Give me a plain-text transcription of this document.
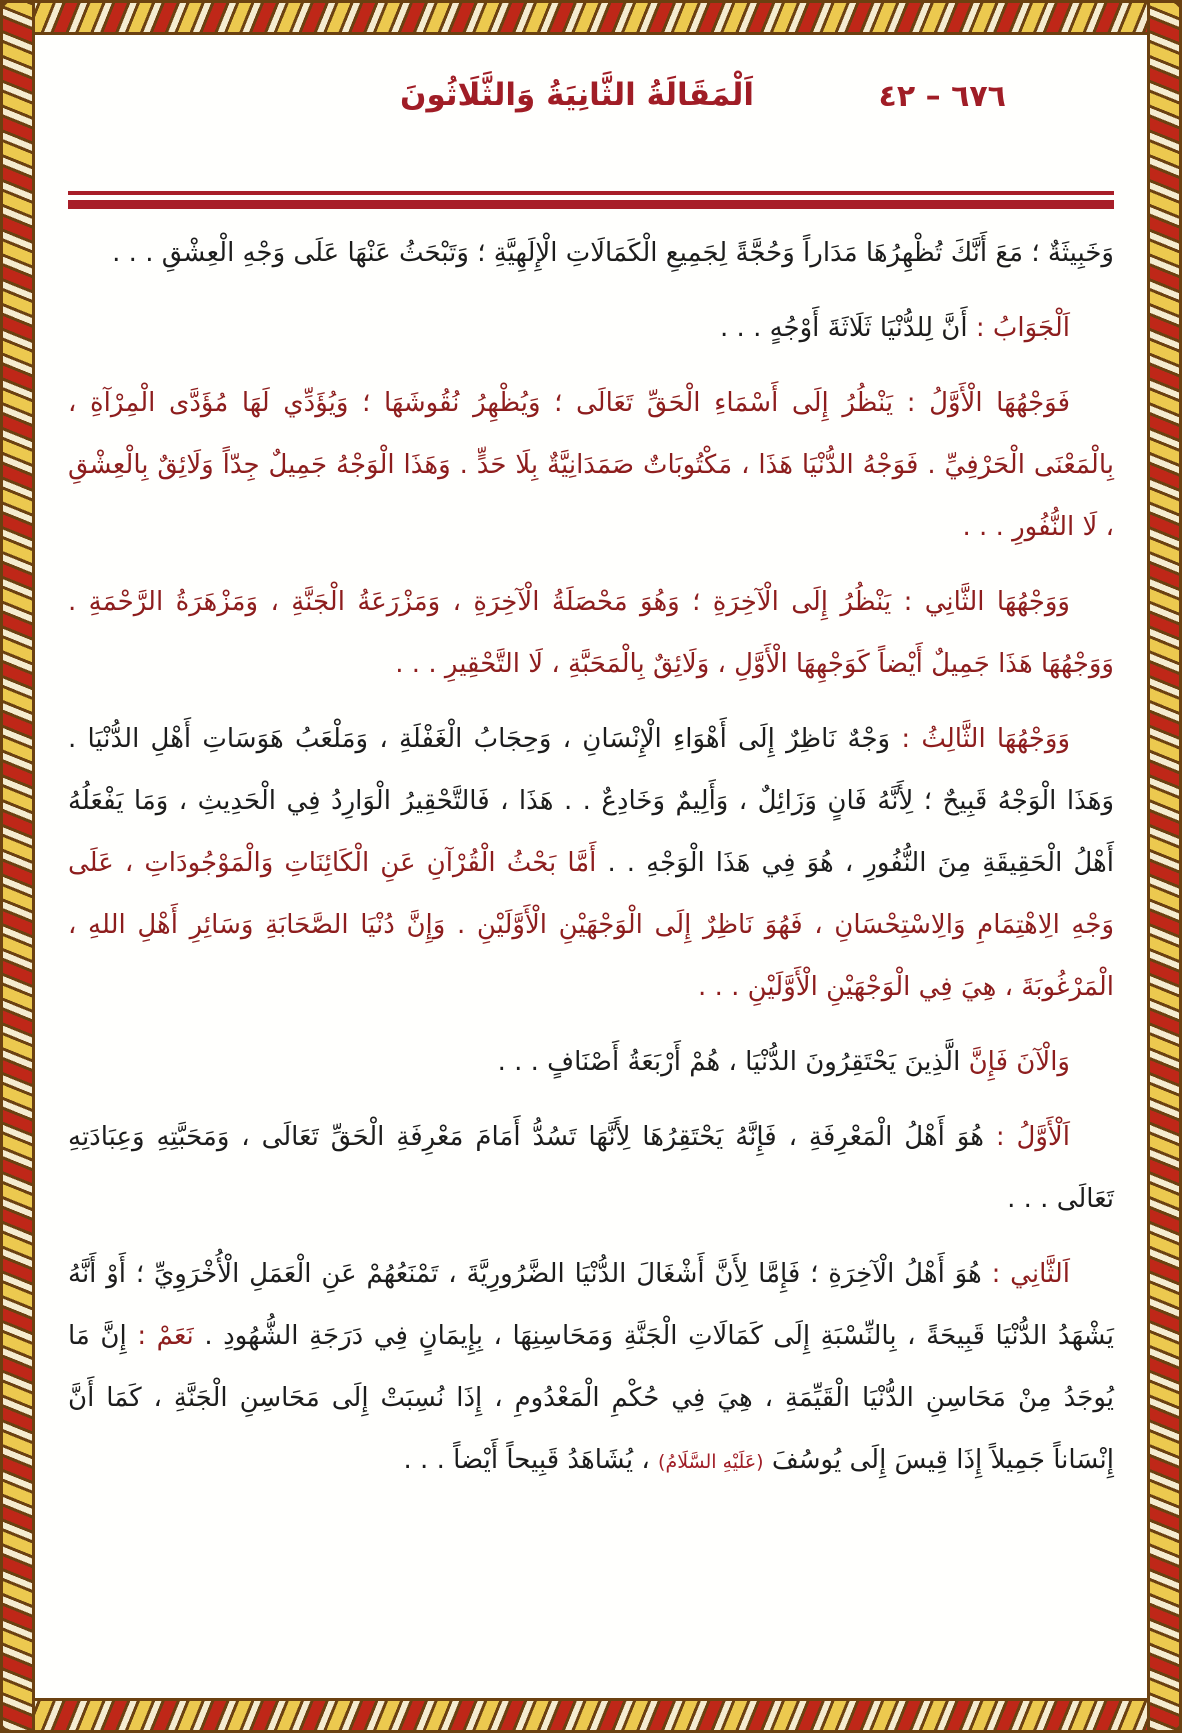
٦٧٦ – ٤٢
اَلْمَقَالَةُ الثَّانِيَةُ وَالثَّلَاثُونَ

وَخَبِيثَةٌ ؛ مَعَ أَنَّكَ تُظْهِرُهَا مَدَاراً وَحُجَّةً لِجَمِيعِ الْكَمَالَاتِ الْإِلَهِيَّةِ ؛ وَتَبْحَثُ عَنْهَا عَلَى وَجْهِ الْعِشْقِ . . .

اَلْجَوَابُ : أَنَّ لِلدُّنْيَا ثَلَاثَةَ أَوْجُهٍ . . .

فَوَجْهُهَا الْأَوَّلُ : يَنْظُرُ إِلَى أَسْمَاءِ الْحَقِّ تَعَالَى ؛ وَيُظْهِرُ نُقُوشَهَا ؛ وَيُؤَدِّي لَهَا مُؤَدَّى الْمِرْآةِ ، بِالْمَعْنَى الْحَرْفِيِّ . فَوَجْهُ الدُّنْيَا هَذَا ، مَكْتُوبَاتٌ صَمَدَانِيَّةٌ بِلَا حَدٍّ . وَهَذَا الْوَجْهُ جَمِيلٌ جِدّاً وَلَائِقٌ بِالْعِشْقِ ، لَا النُّفُورِ . . .

وَوَجْهُهَا الثَّانِي : يَنْظُرُ إِلَى الْآخِرَةِ ؛ وَهُوَ مَحْصَلَةُ الْآخِرَةِ ، وَمَزْرَعَةُ الْجَنَّةِ ، وَمَزْهَرَةُ الرَّحْمَةِ . وَوَجْهُهَا هَذَا جَمِيلٌ أَيْضاً كَوَجْهِهَا الْأَوَّلِ ، وَلَائِقٌ بِالْمَحَبَّةِ ، لَا التَّحْقِيرِ . . .

وَوَجْهُهَا الثَّالِثُ : وَجْهٌ نَاظِرٌ إِلَى أَهْوَاءِ الْإِنْسَانِ ، وَحِجَابُ الْغَفْلَةِ ، وَمَلْعَبُ هَوَسَاتِ أَهْلِ الدُّنْيَا . وَهَذَا الْوَجْهُ قَبِيحٌ ؛ لِأَنَّهُ فَانٍ وَزَائِلٌ ، وَأَلِيمٌ وَخَادِعٌ . . هَذَا ، فَالتَّحْقِيرُ الْوَارِدُ فِي الْحَدِيثِ ، وَمَا يَفْعَلُهُ أَهْلُ الْحَقِيقَةِ مِنَ النُّفُورِ ، هُوَ فِي هَذَا الْوَجْهِ . . أَمَّا بَحْثُ الْقُرْآنِ عَنِ الْكَائِنَاتِ وَالْمَوْجُودَاتِ ، عَلَى وَجْهِ الِاهْتِمَامِ وَالِاسْتِحْسَانِ ، فَهُوَ نَاظِرٌ إِلَى الْوَجْهَيْنِ الْأَوَّلَيْنِ . وَإِنَّ دُنْيَا الصَّحَابَةِ وَسَائِرِ أَهْلِ اللهِ ، الْمَرْغُوبَةَ ، هِيَ فِي الْوَجْهَيْنِ الْأَوَّلَيْنِ . . .

وَالْآنَ فَإِنَّ الَّذِينَ يَحْتَقِرُونَ الدُّنْيَا ، هُمْ أَرْبَعَةُ أَصْنَافٍ . . .

اَلْأَوَّلُ : هُوَ أَهْلُ الْمَعْرِفَةِ ، فَإِنَّهُ يَحْتَقِرُهَا لِأَنَّهَا تَسُدُّ أَمَامَ مَعْرِفَةِ الْحَقِّ تَعَالَى ، وَمَحَبَّتِهِ وَعِبَادَتِهِ تَعَالَى . . .

اَلثَّانِي : هُوَ أَهْلُ الْآخِرَةِ ؛ فَإِمَّا لِأَنَّ أَشْغَالَ الدُّنْيَا الضَّرُورِيَّةَ ، تَمْنَعُهُمْ عَنِ الْعَمَلِ الْأُخْرَوِيِّ ؛ أَوْ أَنَّهُ يَشْهَدُ الدُّنْيَا قَبِيحَةً ، بِالنِّسْبَةِ إِلَى كَمَالَاتِ الْجَنَّةِ وَمَحَاسِنِهَا ، بِإِيمَانٍ فِي دَرَجَةِ الشُّهُودِ . نَعَمْ : إِنَّ مَا يُوجَدُ مِنْ مَحَاسِنِ الدُّنْيَا الْقَيِّمَةِ ، هِيَ فِي حُكْمِ الْمَعْدُومِ ، إِذَا نُسِبَتْ إِلَى مَحَاسِنِ الْجَنَّةِ ، كَمَا أَنَّ إِنْسَاناً جَمِيلاً إِذَا قِيسَ إِلَى يُوسُفَ (عَلَيْهِ السَّلَامُ) ، يُشَاهَدُ قَبِيحاً أَيْضاً . . .
